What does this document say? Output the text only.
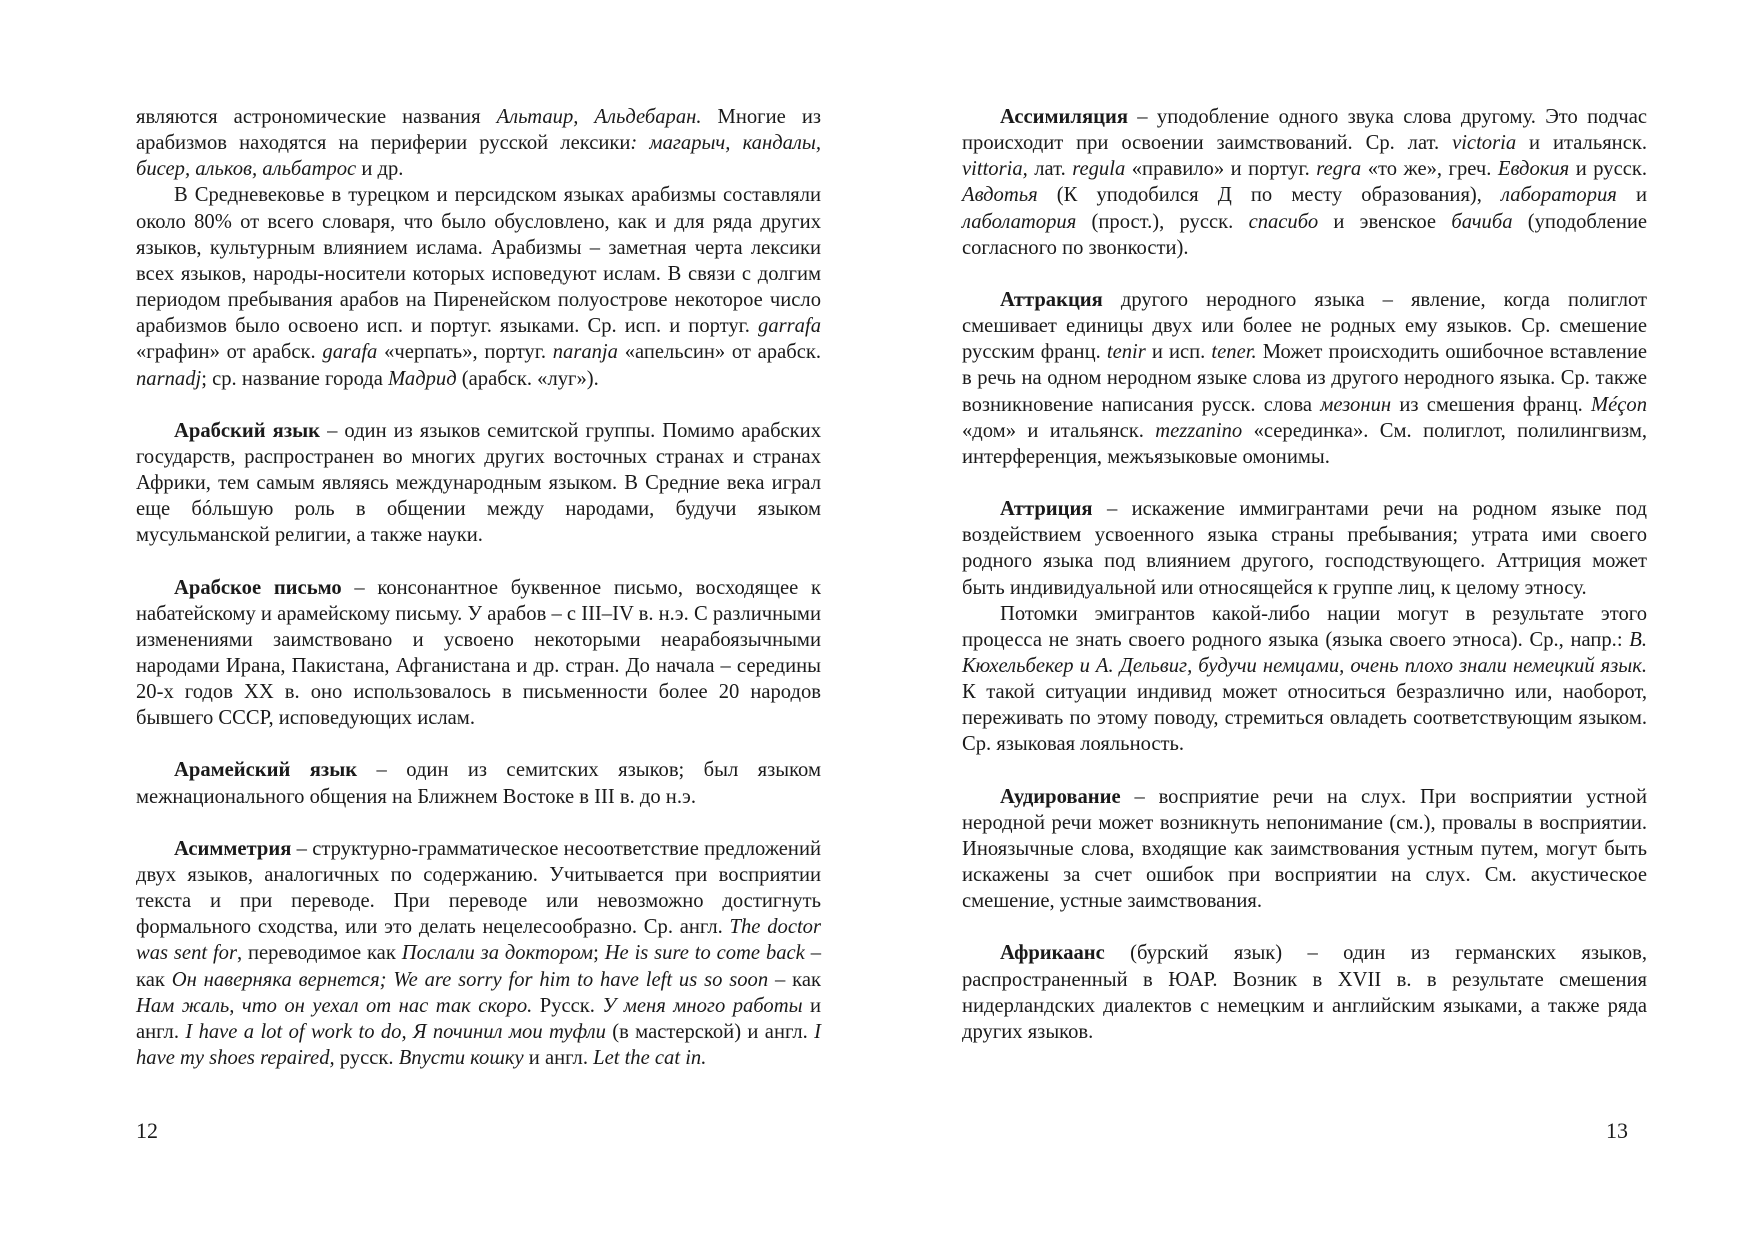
являются астрономические названия Альтаир, Альдебаран. Многие из арабизмов находятся на периферии русской лексики: магарыч, кандалы, бисер, альков, альбатрос и др.

В Средневековье в турецком и персидском языках арабизмы составляли около 80% от всего словаря, что было обусловлено, как и для ряда других языков, культурным влиянием ислама. Арабизмы – заметная черта лексики всех языков, народы-носители которых исповедуют ислам. В связи с долгим периодом пребывания арабов на Пиренейском полуострове некоторое число арабизмов было освоено исп. и португ. языками. Ср. исп. и португ. garrafa «графин» от арабск. garafa «черпать», португ. naranja «апельсин» от арабск. narnadj; ср. название города Мадрид (арабск. «луг»).

Арабский язык – один из языков семитской группы. Помимо арабских государств, распространен во многих других восточных странах и странах Африки, тем самым являясь международным языком. В Средние века играл еще бóльшую роль в общении между народами, будучи языком мусульманской религии, а также науки.

Арабское письмо – консонантное буквенное письмо, восходящее к набатейскому и арамейскому письму. У арабов – с III–IV в. н.э. С различными изменениями заимствовано и усвоено некоторыми неарабоязычными народами Ирана, Пакистана, Афганистана и др. стран. До начала – середины 20-х годов XX в. оно использовалось в письменности более 20 народов бывшего СССР, исповедующих ислам.

Арамейский язык – один из семитских языков; был языком межнационального общения на Ближнем Востоке в III в. до н.э.

Асимметрия – структурно-грамматическое несоответствие предложений двух языков, аналогичных по содержанию. Учитывается при восприятии текста и при переводе. При переводе или невозможно достигнуть формального сходства, или это делать нецелесообразно. Ср. англ. The doctor was sent for, переводимое как Послали за доктором; He is sure to come back – как Он наверняка вернется; We are sorry for him to have left us so soon – как Нам жаль, что он уехал от нас так скоро. Русск. У меня много работы и англ. I have a lot of work to do, Я починил мои туфли (в мастерской) и англ. I have my shoes repaired, русск. Впусти кошку и англ. Let the cat in.

12

Ассимиляция – уподобление одного звука слова другому. Это подчас происходит при освоении заимствований. Ср. лат. victoria и итальянск. vittoria, лат. regula «правило» и португ. regra «то же», греч. Евдокия и русск. Авдотья (К уподобился Д по месту образования), лаборатория и лаболатория (прост.), русск. спасибо и эвенское бачиба (уподобление согласного по звонкости).

Аттракция другого неродного языка – явление, когда полиглот смешивает единицы двух или более не родных ему языков. Ср. смешение русским франц. tenir и исп. tener. Может происходить ошибочное вставление в речь на одном неродном языке слова из другого неродного языка. Ср. также возникновение написания русск. слова мезонин из смешения франц. Méçon «дом» и итальянск. mezzanino «серединка». См. полиглот, полилингвизм, интерференция, межъязыковые омонимы.

Аттриция – искажение иммигрантами речи на родном языке под воздействием усвоенного языка страны пребывания; утрата ими своего родного языка под влиянием другого, господствующего. Аттриция может быть индивидуальной или относящейся к группе лиц, к целому этносу.

Потомки эмигрантов какой-либо нации могут в результате этого процесса не знать своего родного языка (языка своего этноса). Ср., напр.: В. Кюхельбекер и А. Дельвиг, будучи немцами, очень плохо знали немецкий язык. К такой ситуации индивид может относиться безразлично или, наоборот, переживать по этому поводу, стремиться овладеть соответствующим языком. Ср. языковая лояльность.

Аудирование – восприятие речи на слух. При восприятии устной неродной речи может возникнуть непонимание (см.), провалы в восприятии. Иноязычные слова, входящие как заимствования устным путем, могут быть искажены за счет ошибок при восприятии на слух. См. акустическое смешение, устные заимствования.

Африкаанс (бурский язык) – один из германских языков, распространенный в ЮАР. Возник в XVII в. в результате смешения нидерландских диалектов с немецким и английским языками, а также ряда других языков.

13
